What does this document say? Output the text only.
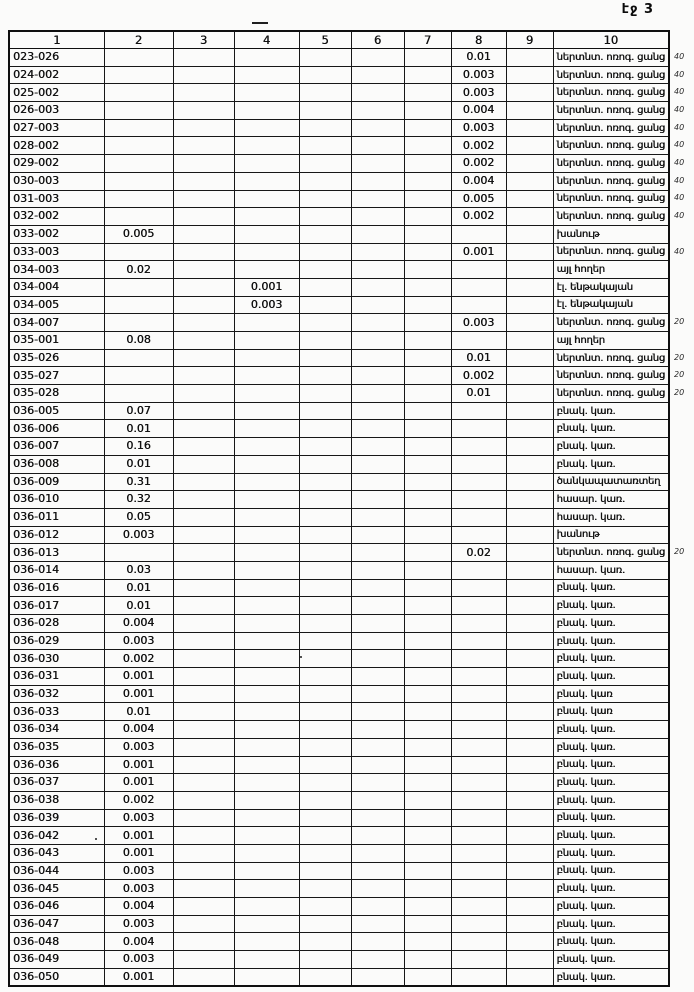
էջ 3
1	2	3	4	5	6	7	8	9	10	
023-026							0.01		ներտնտ. ոռոգ. ցանց	40
024-002							0.003		ներտնտ. ոռոգ. ցանց	40
025-002							0.003		ներտնտ. ոռոգ. ցանց	40
026-003							0.004		ներտնտ. ոռոգ. ցանց	40
027-003							0.003		ներտնտ. ոռոգ. ցանց	40
028-002							0.002		ներտնտ. ոռոգ. ցանց	40
029-002							0.002		ներտնտ. ոռոգ. ցանց	40
030-003							0.004		ներտնտ. ոռոգ. ցանց	40
031-003							0.005		ներտնտ. ոռոգ. ցանց	40
032-002							0.002		ներտնտ. ոռոգ. ցանց	40
033-002	0.005								խանութ	
033-003							0.001		ներտնտ. ոռոգ. ցանց	40
034-003	0.02								այլ հողեր	
034-004			0.001						էլ. ենթակայան	
034-005			0.003						էլ. ենթակայան	
034-007							0.003		ներտնտ. ոռոգ. ցանց	20
035-001	0.08								այլ հողեր	
035-026							0.01		ներտնտ. ոռոգ. ցանց	20
035-027							0.002		ներտնտ. ոռոգ. ցանց	20
035-028							0.01		ներտնտ. ոռոգ. ցանց	20
036-005	0.07								բնակ. կառ.	
036-006	0.01								բնակ. կառ.	
036-007	0.16								բնակ. կառ.	
036-008	0.01								բնակ. կառ.	
036-009	0.31								ծանկապատառտեղ	
036-010	0.32								հասար. կառ.	
036-011	0.05								հասար. կառ.	
036-012	0.003								խանութ	
036-013							0.02		ներտնտ. ոռոգ. ցանց	20
036-014	0.03								հասար. կառ.	
036-016	0.01								բնակ. կառ.	
036-017	0.01								բնակ. կառ.	
036-028	0.004								բնակ. կառ.	
036-029	0.003								բնակ. կառ.	
036-030	0.002								բնակ. կառ.	
036-031	0.001								բնակ. կառ.	
036-032	0.001								բնակ. կառ	
036-033	0.01								բնակ. կառ	
036-034	0.004								բնակ. կառ.	
036-035	0.003								բնակ. կառ.	
036-036	0.001								բնակ. կառ.	
036-037	0.001								բնակ. կառ.	
036-038	0.002								բնակ. կառ.	
036-039	0.003								բնակ. կառ.	
036-042	0.001								բնակ. կառ.	
036-043	0.001								բնակ. կառ.	
036-044	0.003								բնակ. կառ.	
036-045	0.003								բնակ. կառ.	
036-046	0.004								բնակ. կառ.	
036-047	0.003								բնակ. կառ.	
036-048	0.004								բնակ. կառ.	
036-049	0.003								բնակ. կառ.	
036-050	0.001								բնակ. կառ.	
